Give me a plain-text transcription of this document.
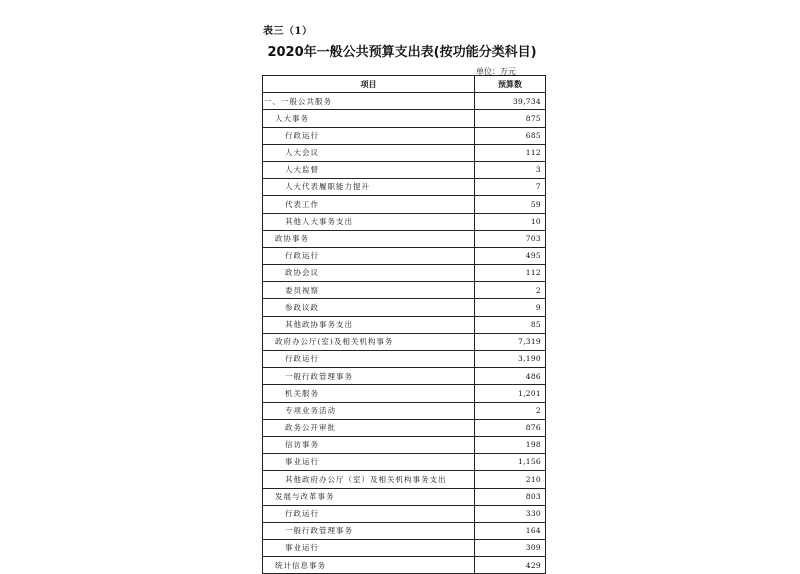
表三（1）
2020年一般公共预算支出表(按功能分类科目)
单位：万元
项目	预算数
一、一般公共服务	39,734
人大事务	875
行政运行	685
人大会议	112
人大监督	3
人大代表履职能力提升	7
代表工作	59
其他人大事务支出	10
政协事务	703
行政运行	495
政协会议	112
委员视察	2
参政议政	9
其他政协事务支出	85
政府办公厅(室)及相关机构事务	7,319
行政运行	3,190
一般行政管理事务	486
机关服务	1,201
专项业务活动	2
政务公开审批	876
信访事务	198
事业运行	1,156
其他政府办公厅（室）及相关机构事务支出	210
发展与改革事务	803
行政运行	330
一般行政管理事务	164
事业运行	309
统计信息事务	429
